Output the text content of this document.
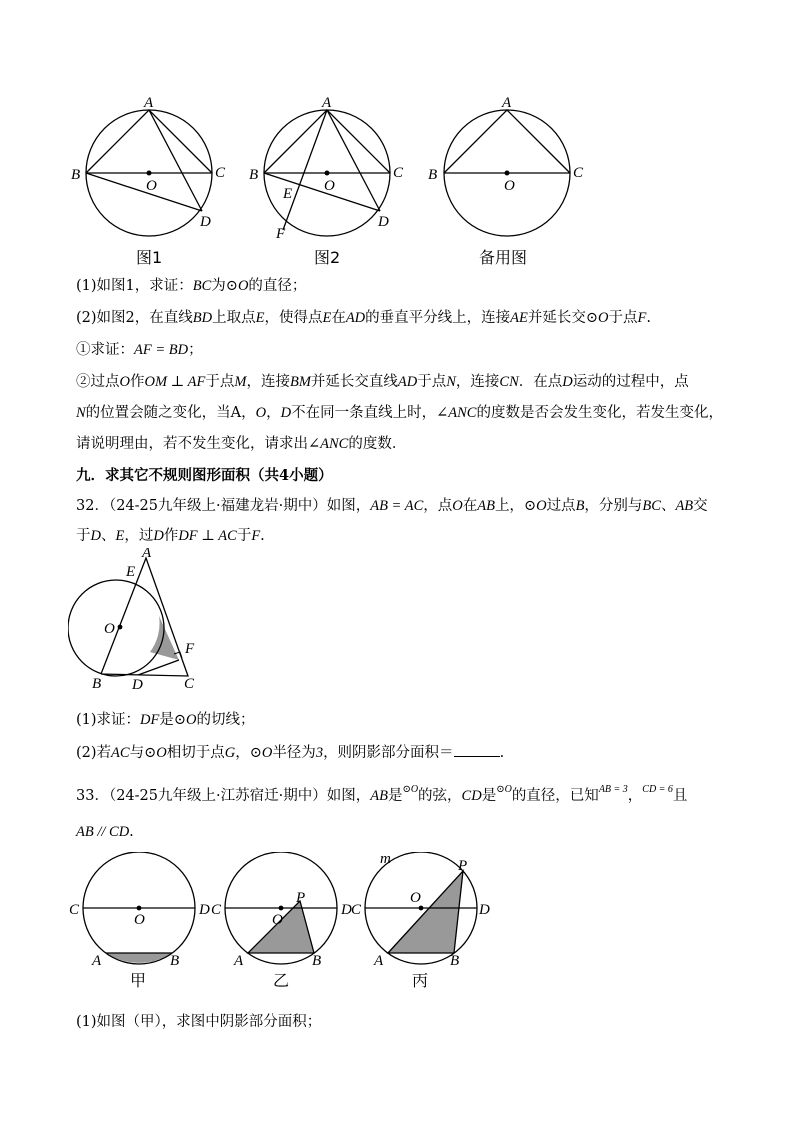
A
B	C
O
D
图1
A
B	C
O
E
D
F
图2
A
B	C
O
备用图
(1)如图1，求证：BC为⊙O的直径；
(2)如图2，在直线BD上取点E，使得点E在AD的垂直平分线上，连接AE并延长交⊙O于点F.
①求证：AF = BD；
②过点O作OM ⊥ AF于点M，连接BM并延长交直线AD于点N，连接CN．在点D运动的过程中，点
N的位置会随之变化，当A，O，D不在同一条直线上时，∠ANC的度数是否会发生变化，若发生变化，
请说明理由，若不发生变化，请求出∠ANC的度数．
九．求其它不规则图形面积（共4小题）
32．（24-25九年级上·福建龙岩·期中）如图，AB = AC，点O在AB上，⊙O过点B，分别与BC、AB交
于D、E，过D作DF ⊥ AC于F.
A
E
O
F
B D	C
(1)求证：DF是⊙O的切线；
(2)若AC与⊙O相切于点G，⊙O半径为3，则阴影部分面积＝	.
33．（24-25九年级上·江苏宿迁·期中）如图，AB是$^{⊙O}$的弦，CD是$^{⊙O}$的直径，已知$^{AB = 3}$，$^{CD = 6}$且
AB // CD.
C	D
O
A	B
甲
C	D
O
P
A	B
乙
m	P
C	D
O
A	B
丙
(1)如图（甲），求图中阴影部分面积；
